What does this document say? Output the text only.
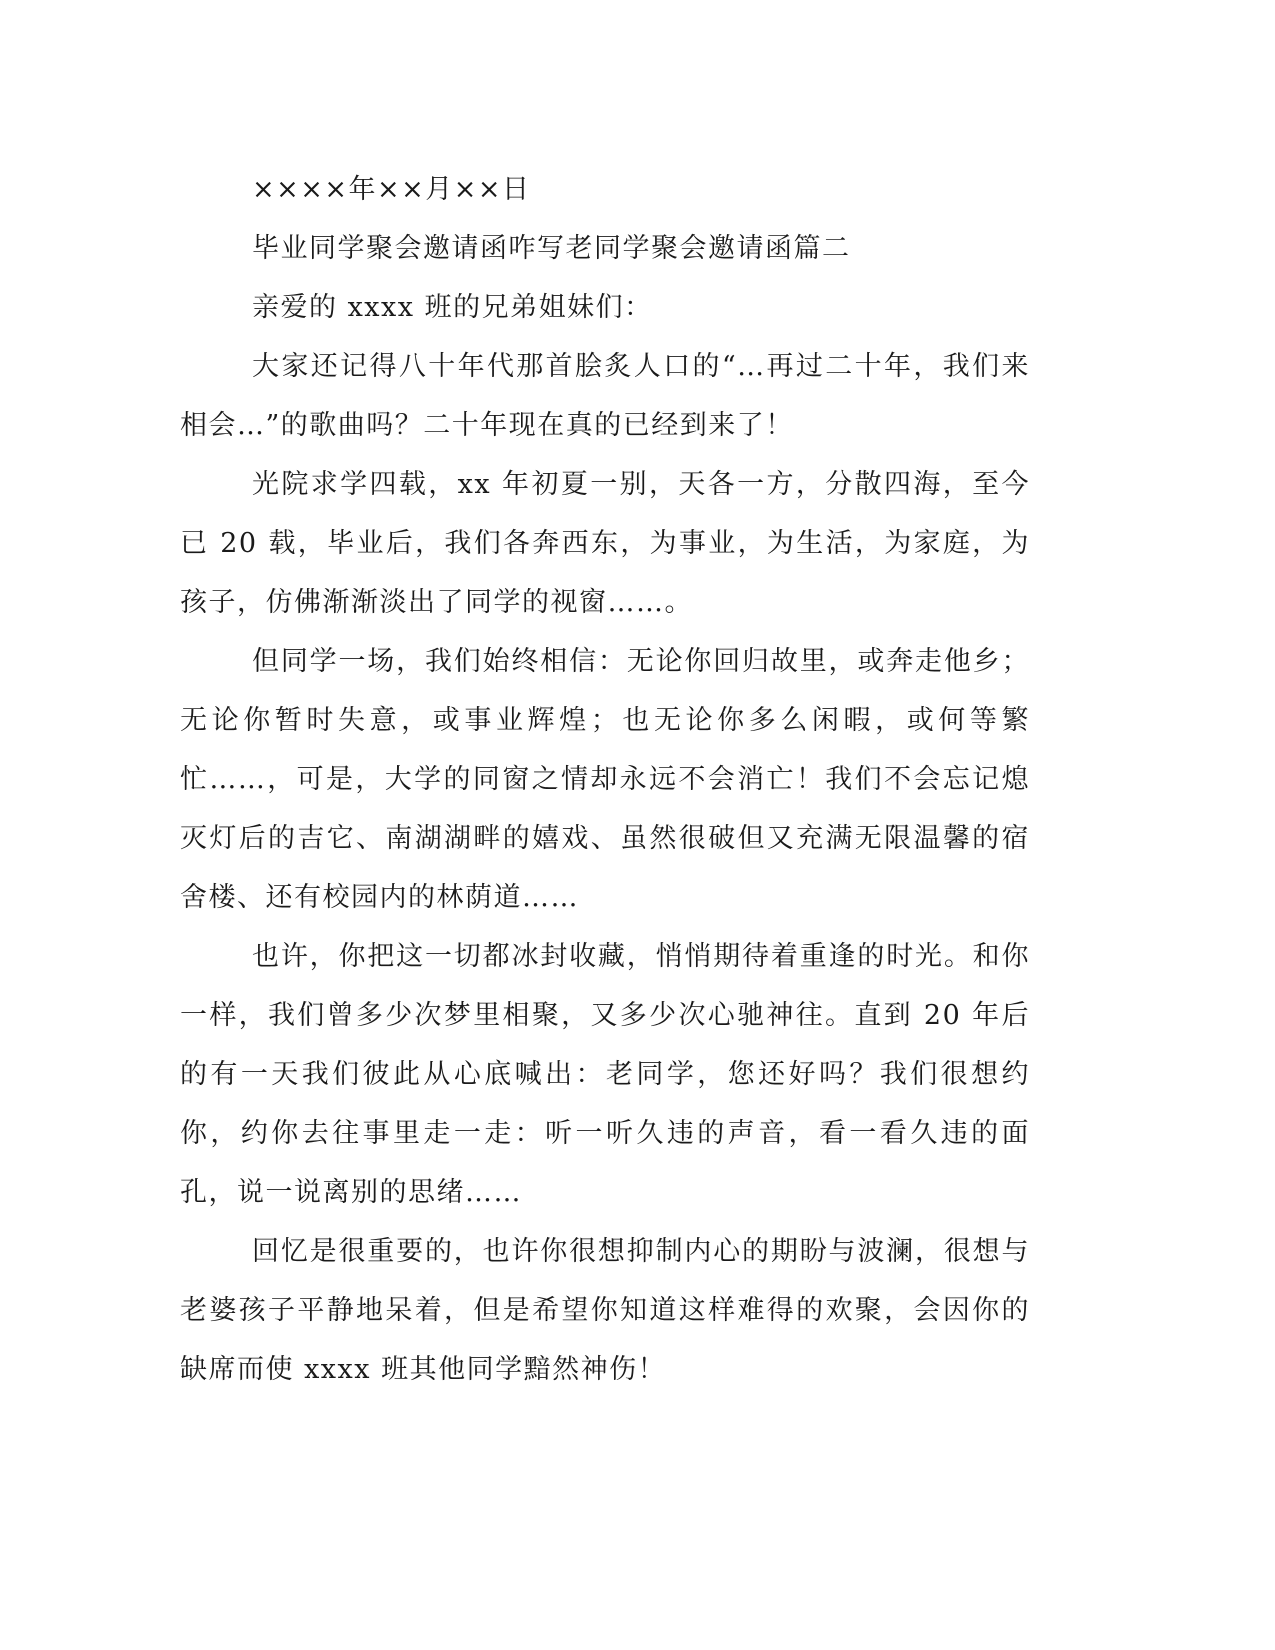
××××年××月××日

毕业同学聚会邀请函咋写老同学聚会邀请函篇二

亲爱的 xxxx 班的兄弟姐妹们：

大家还记得八十年代那首脍炙人口的“…再过二十年，我们来相会…”的歌曲吗？二十年现在真的已经到来了！

光院求学四载，xx 年初夏一别，天各一方，分散四海，至今已 20 载，毕业后，我们各奔西东，为事业，为生活，为家庭，为孩子，仿佛渐渐淡出了同学的视窗……。

但同学一场，我们始终相信：无论你回归故里，或奔走他乡；无论你暂时失意，或事业辉煌；也无论你多么闲暇，或何等繁忙……，可是，大学的同窗之情却永远不会消亡！我们不会忘记熄灭灯后的吉它、南湖湖畔的嬉戏、虽然很破但又充满无限温馨的宿舍楼、还有校园内的林荫道……

也许，你把这一切都冰封收藏，悄悄期待着重逢的时光。和你一样，我们曾多少次梦里相聚，又多少次心驰神往。直到 20 年后的有一天我们彼此从心底喊出：老同学，您还好吗？我们很想约你，约你去往事里走一走：听一听久违的声音，看一看久违的面孔，说一说离别的思绪……

回忆是很重要的，也许你很想抑制内心的期盼与波澜，很想与老婆孩子平静地呆着，但是希望你知道这样难得的欢聚，会因你的缺席而使 xxxx 班其他同学黯然神伤！
